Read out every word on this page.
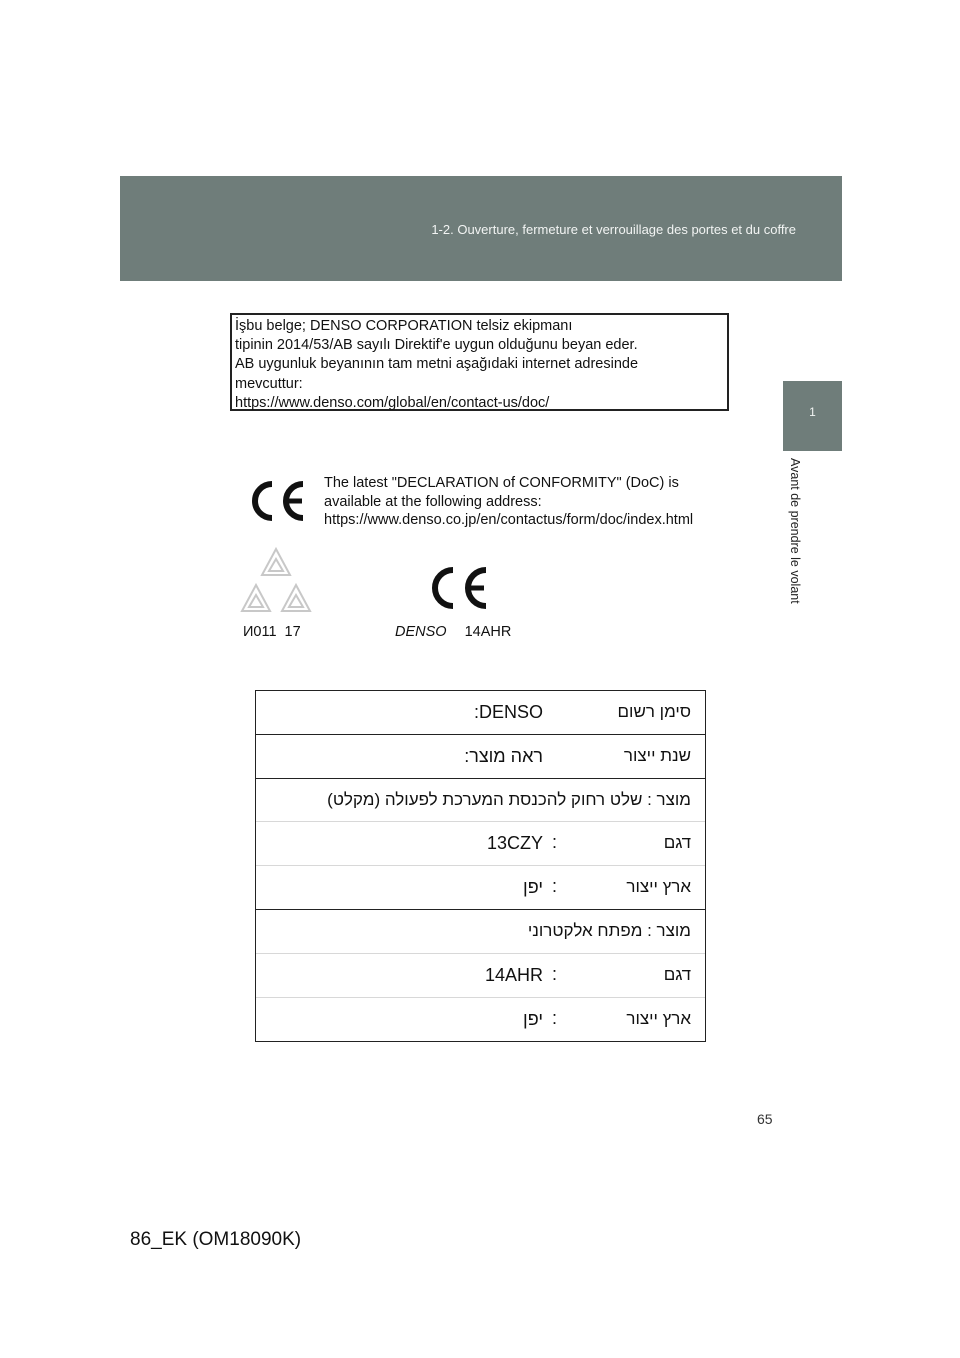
1-2. Ouverture, fermeture et verrouillage des portes et du coffre
1
Avant de prendre le volant
İşbu belge; DENSO CORPORATION telsiz ekipmanı
tipinin 2014/53/AB sayılı Direktif'e uygun olduğunu beyan eder.
AB uygunluk beyanının tam metni aşağıdaki internet adresinde
mevcuttur:
https://www.denso.com/global/en/contact-us/doc/
The latest "DECLARATION of CONFORMITY" (DoC) is
available at the following address:
https://www.denso.co.jp/en/contactus/form/doc/index.html
И011 17	DENSO 14AHR
סימן רשום
DENSO:
שנת ייצור
ראה מוצר:
מוצר : שלט רחוק להכנסת המערכת לפעולה (מקלט)
דגם
:
13CZY
ארץ ייצור
:
יפן
מוצר : מפתח אלקטרוני
דגם
:
14AHR
ארץ ייצור
:
יפן
65
86_EK (OM18090K)
